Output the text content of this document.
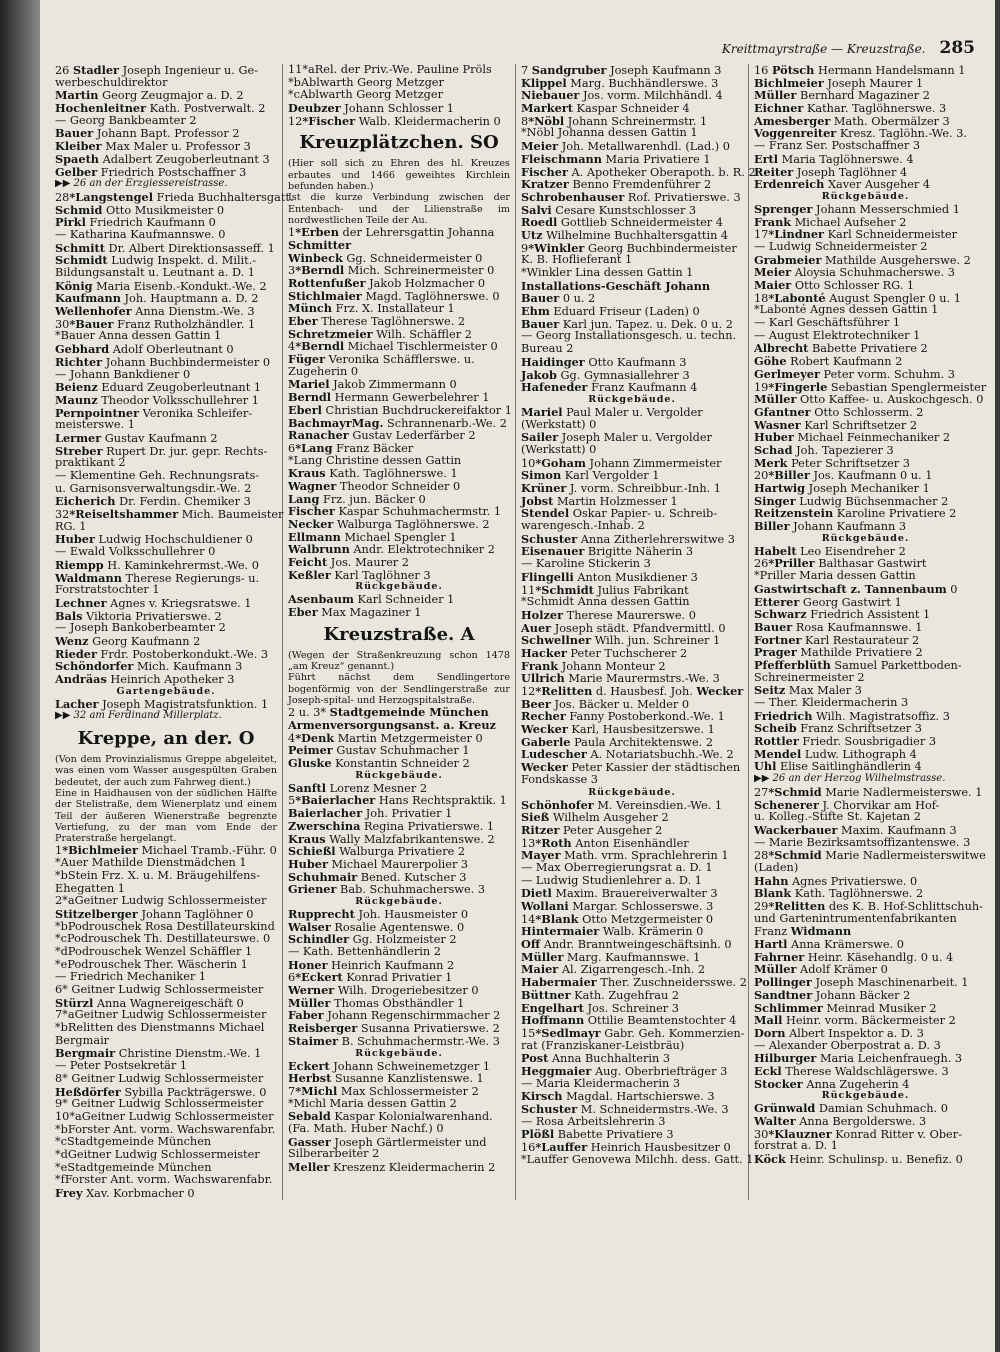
Kreittmayrstraße — Kreuzstraße. 285
26 Stadler Joseph Ingenieur u. Ge-
werbeschuldirektor
Martin Georg Zeugmajor a. D. 2
Hochenleitner Kath. Postverwalt. 2
— Georg Bankbeamter 2
Bauer Johann Bapt. Professor 2
Kleiber Max Maler u. Professor 3
Spaeth Adalbert Zeugoberleutnant 3
Gelber Friedrich Postschaffner 3
▶▶ 26 an der Erzgiessereistrasse.
28*Langstengel Frieda Buchhaltersgatt.
Schmid Otto Musikmeister 0
Pirkl Friedrich Kaufmann 0
— Katharina Kaufmannswe. 0
Schmitt Dr. Albert Direktionsasseff. 1
Schmidt Ludwig Inspekt. d. Milit.-
Bildungsanstalt u. Leutnant a. D. 1
König Maria Eisenb.-Kondukt.-We. 2
Kaufmann Joh. Hauptmann a. D. 2
Wellenhofer Anna Dienstm.-We. 3
30*Bauer Franz Rutholzhändler. 1
*Bauer Anna dessen Gattin 1
Gebhard Adolf Oberleutnant 0
Richter Johann Buchbindermeister 0
— Johann Bankdiener 0
Beienz Eduard Zeugoberleutnant 1
Maunz Theodor Volksschullehrer 1
Pernpointner Veronika Schleifer-
meisterswe. 1
Lermer Gustav Kaufmann 2
Streber Rupert Dr. jur. gepr. Rechts-
praktikant 2
— Klementine Geh. Rechnungsrats-
u. Garnisonsverwaltungsdir.-We. 2
Eicherich Dr. Ferdin. Chemiker 3
32*Reiseltshammer Mich. Baumeister
RG. 1
Huber Ludwig Hochschuldiener 0
— Ewald Volksschullehrer 0
Riempp H. Kaminkehrermst.-We. 0
Waldmann Therese Regierungs- u.
Forstratstochter 1
Lechner Agnes v. Kriegsratswe. 1
Bals Viktoria Privatierswe. 2
— Joseph Bankoberbeamter 2
Wenz Georg Kaufmann 2
Rieder Frdr. Postoberkondukt.-We. 3
Schöndorfer Mich. Kaufmann 3
Andräas Heinrich Apotheker 3
Gartengebäude.
Lacher Joseph Magistratsfunktion. 1
▶▶ 32 am Ferdinand Millerplatz.
Kreppe, an der. O
(Von dem Provinzialismus Greppe abgeleitet, was einen vom Wasser ausgespülten Graben bedeutet, der auch zum Fahrweg dient.)
Eine in Haidhausen von der südlichen Hälfte der Stelistraße, dem Wienerplatz und einem Teil der äußeren Wienerstraße begrenzte Vertiefung, zu der man vom Ende der Praterstraße hergelangt.
1*Bichlmeier Michael Tramb.-Führ. 0
*Auer Mathilde Dienstmädchen 1
*bStein Frz. X. u. M. Bräugehilfens-
Ehegatten 1
2*aGeitner Ludwig Schlossermeister
Stitzelberger Johann Taglöhner 0
*bPodrouschek Rosa Destillateurskind
*cPodrouschek Th. Destillateurswe. 0
*dPodrouschek Wenzel Schäffler 1
*ePodrouschek Ther. Wäscherin 1
— Friedrich Mechaniker 1
6* Geitner Ludwig Schlossermeister
Stürzl Anna Wagnereigeschäft 0
7*aGeitner Ludwig Schlossermeister
*bRelitten des Dienstmanns Michael
Bergmair
Bergmair Christine Dienstm.-We. 1
— Peter Postsekretär 1
8* Geitner Ludwig Schlossermeister
Heßdörfer Sybilla Packträgerswe. 0
9* Geitner Ludwig Schlossermeister
10*aGeitner Ludwig Schlossermeister
*bForster Ant. vorm. Wachswarenfabr.
*cStadtgemeinde München
*dGeitner Ludwig Schlossermeister
*eStadtgemeinde München
*fForster Ant. vorm. Wachswarenfabr.
Frey Xav. Korbmacher 0
11*aRel. der Priv.-We. Pauline Pröls
*bAblwarth Georg Metzger
*cAblwarth Georg Metzger
Deubzer Johann Schlosser 1
12*Fischer Walb. Kleidermacherin 0
Kreuzplätzchen. SO
(Hier soll sich zu Ehren des hl. Kreuzes erbautes und 1466 geweihtes Kirchlein befunden haben.)
Ist die kurze Verbindung zwischen der Entenbach- und der Lilienstraße im nordwestlichen Teile der Au.
1*Erben der Lehrersgattin Johanna
Schmitter
Winbeck Gg. Schneidermeister 0
3*Berndl Mich. Schreinermeister 0
Rottenfußer Jakob Holzmacher 0
Stichlmaier Magd. Taglöhnerswe. 0
Münch Frz. X. Installateur 1
Eber Therese Taglöhnerswe. 2
Schretzmeier Wilh. Schäffler 2
4*Berndl Michael Tischlermeister 0
Füger Veronika Schäfflerswe. u.
Zugeherin 0
Mariel Jakob Zimmermann 0
Berndl Hermann Gewerbelehrer 1
Eberl Christian Buchdruckereifaktor 1
BachmayrMag. Schrannenarb.-We. 2
Ranacher Gustav Lederfärber 2
6*Lang Franz Bäcker
*Lang Christine dessen Gattin
Kraus Kath. Taglöhnerswe. 1
Wagner Theodor Schneider 0
Lang Frz. jun. Bäcker 0
Fischer Kaspar Schuhmachermstr. 1
Necker Walburga Taglöhnerswe. 2
Ellmann Michael Spengler 1
Walbrunn Andr. Elektrotechniker 2
Feicht Jos. Maurer 2
Keßler Karl Taglöhner 3
Rückgebäude.
Asenbaum Karl Schneider 1
Eber Max Magaziner 1
Kreuzstraße. A
(Wegen der Straßenkreuzung schon 1478 „am Kreuz“ genannt.)
Führt nächst dem Sendlingertore bogenförmig von der Sendlingerstraße zur Joseph-spital- und Herzogspitalstraße.
2 u. 3* Stadtgemeinde München
Armenversorgungsanst. a. Kreuz
4*Denk Martin Metzgermeister 0
Peimer Gustav Schuhmacher 1
Gluske Konstantin Schneider 2
Rückgebäude.
Sanftl Lorenz Mesner 2
5*Baierlacher Hans Rechtspraktik. 1
Baierlacher Joh. Privatier 1
Zwerschina Regina Privatierswe. 1
Kraus Wally Malzfabrikantenswe. 2
Schießl Walburga Privatiere 2
Huber Michael Maurerpolier 3
Schuhmair Bened. Kutscher 3
Griener Bab. Schuhmacherswe. 3
Rückgebäude.
Rupprecht Joh. Hausmeister 0
Walser Rosalie Agentenswe. 0
Schindler Gg. Holzmeister 2
— Kath. Bettenhändlerin 2
Honer Heinrich Kaufmann 2
6*Eckert Konrad Privatier 1
Werner Wilh. Drogeriebesitzer 0
Müller Thomas Obsthändler 1
Faber Johann Regenschirmmacher 2
Reisberger Susanna Privatierswe. 2
Staimer B. Schuhmachermstr.-We. 3
Rückgebäude.
Eckert Johann Schweinemetzger 1
Herbst Susanne Kanzlistenswe. 1
7*Michl Max Schlossermeister 2
*Michl Maria dessen Gattin 2
Sebald Kaspar Kolonialwarenhand.
(Fa. Math. Huber Nachf.) 0
Gasser Joseph Gärtlermeister und
Silberarbeiter 2
Meller Kreszenz Kleidermacherin 2
7 Sandgruber Joseph Kaufmann 3
Klippel Marg. Buchhändlerswe. 3
Niebauer Jos. vorm. Milchhändl. 4
Markert Kaspar Schneider 4
8*Nöbl Johann Schreinermstr. 1
*Nöbl Johanna dessen Gattin 1
Meier Joh. Metallwarenhdl. (Lad.) 0
Fleischmann Maria Privatiere 1
Fischer A. Apotheker Oberapoth. b. R. 2
Kratzer Benno Fremdenführer 2
Schrobenhauser Rof. Privatierswe. 3
Salvi Cesare Kunstschlosser 3
Roedl Gottlieb Schneidermeister 4
Utz Wilhelmine Buchhaltersgattin 4
9*Winkler Georg Buchbindermeister
K. B. Hoflieferant 1
*Winkler Lina dessen Gattin 1
Installations-Geschäft Johann
Bauer 0 u. 2
Ehm Eduard Friseur (Laden) 0
Bauer Karl jun. Tapez. u. Dek. 0 u. 2
— Georg Installationsgesch. u. techn.
Bureau 2
Haidinger Otto Kaufmann 3
Jakob Gg. Gymnasiallehrer 3
Hafeneder Franz Kaufmann 4
Rückgebäude.
Mariel Paul Maler u. Vergolder
(Werkstatt) 0
Sailer Joseph Maler u. Vergolder
(Werkstatt) 0
10*Goham Johann Zimmermeister
Simon Karl Vergolder 1
Krüner J. vorm. Schreibbur.-Inh. 1
Jobst Martin Holzmesser 1
Stendel Oskar Papier- u. Schreib-
warengesch.-Inhab. 2
Schuster Anna Zitherlehrerswitwe 3
Eisenauer Brigitte Näherin 3
— Karoline Stickerin 3
Flingelli Anton Musikdiener 3
11*Schmidt Julius Fabrikant
*Schmidt Anna dessen Gattin
Holzer Therese Maurerswe. 0
Auer Joseph städt. Pfandvermittl. 0
Schwellner Wilh. jun. Schreiner 1
Hacker Peter Tuchscherer 2
Frank Johann Monteur 2
Ullrich Marie Maurermstrs.-We. 3
12*Relitten d. Hausbesf. Joh. Wecker
Beer Jos. Bäcker u. Melder 0
Recher Fanny Postoberkond.-We. 1
Wecker Karl, Hausbesitzerswe. 1
Gaberle Paula Architektenswe. 2
Ludescher A. Notariatsbuchh.-We. 2
Wecker Peter Kassier der städtischen
Fondskasse 3
Rückgebäude.
Schönhofer M. Vereinsdien.-We. 1
Sieß Wilhelm Ausgeher 2
Ritzer Peter Ausgeher 2
13*Roth Anton Eisenhändler
Mayer Math. vrm. Sprachlehrerin 1
— Max Oberregierungsrat a. D. 1
— Ludwig Studienlehrer a. D. 1
Dietl Maxim. Brauereiverwalter 3
Wollani Margar. Schlosserswe. 3
14*Blank Otto Metzgermeister 0
Hintermaier Walb. Krämerin 0
Off Andr. Branntweingeschäftsinh. 0
Müller Marg. Kaufmannswe. 1
Maier Al. Zigarrengesch.-Inh. 2
Habermaier Ther. Zuschneidersswe. 2
Büttner Kath. Zugehfrau 2
Engelhart Jos. Schreiner 3
Hoffmann Ottilie Beamtenstochter 4
15*Sedlmayr Gabr. Geh. Kommerzien-
rat (Franziskaner-Leistbräu)
Post Anna Buchhalterin 3
Heggmaier Aug. Oberbriefträger 3
— Maria Kleidermacherin 3
Kirsch Magdal. Hartschierswe. 3
Schuster M. Schneidermstrs.-We. 3
— Rosa Arbeitslehrerin 3
Plößl Babette Privatiere 3
16*Lauffer Heinrich Hausbesitzer 0
*Lauffer Genovewa Milchh. dess. Gatt. 1
16 Pötsch Hermann Handelsmann 1
Bichlmeier Joseph Maurer 1
Müller Bernhard Magaziner 2
Eichner Kathar. Taglöhnerswe. 3
Amesberger Math. Obermälzer 3
Voggenreiter Kresz. Taglöhn.-We. 3.
— Franz Ser. Postschaffner 3
Ertl Maria Taglöhnerswe. 4
Reiter Joseph Taglöhner 4
Erdenreich Xaver Ausgeher 4
Rückgebäude.
Sprenger Johann Messerschmied 1
Frank Michael Aufseher 2
17*Lindner Karl Schneidermeister
— Ludwig Schneidermeister 2
Grabmeier Mathilde Ausgeherswe. 2
Meier Aloysia Schuhmacherswe. 3
Maier Otto Schlosser RG. 1
18*Labonté August Spengler 0 u. 1
*Labonté Agnes dessen Gattin 1
— Karl Geschäftsführer 1
— August Elektrotechniker 1
Albrecht Babette Privatiere 2
Göhe Robert Kaufmann 2
Gerlmeyer Peter vorm. Schuhm. 3
19*Fingerle Sebastian Spenglermeister
Müller Otto Kaffee- u. Auskochgesch. 0
Gfantner Otto Schlosserm. 2
Wasner Karl Schriftsetzer 2
Huber Michael Feinmechaniker 2
Schad Joh. Tapezierer 3
Merk Peter Schriftsetzer 3
20*Biller Jos. Kaufmann 0 u. 1
Hartwig Joseph Mechaniker 1
Singer Ludwig Büchsenmacher 2
Reitzenstein Karoline Privatiere 2
Biller Johann Kaufmann 3
Rückgebäude.
Habelt Leo Eisendreher 2
26*Priller Balthasar Gastwirt
*Priller Maria dessen Gattin
Gastwirtschaft z. Tannenbaum 0
Etterer Georg Gastwirt 1
Schwarz Friedrich Assistent 1
Bauer Rosa Kaufmannswe. 1
Fortner Karl Restaurateur 2
Prager Mathilde Privatiere 2
Pfefferblüth Samuel Parkettboden-
Schreinermeister 2
Seitz Max Maler 3
— Ther. Kleidermacherin 3
Friedrich Wilh. Magistratsoffiz. 3
Scheib Franz Schriftsetzer 3
Rottler Friedr. Sousbrigadier 3
Mendel Ludw. Lithograph 4
Uhl Elise Saitlinghändlerin 4
▶▶ 26 an der Herzog Wilhelmstrasse.
27*Schmid Marie Nadlermeisterswe. 1
Schenerer J. Chorvikar am Hof-
u. Kolleg.-Stifte St. Kajetan 2
Wackerbauer Maxim. Kaufmann 3
— Marie Bezirksamtsoffizantenswe. 3
28*Schmid Marie Nadlermeisterswitwe
(Laden)
Hahn Agnes Privatierswe. 0
Blank Kath. Taglöhnerswe. 2
29*Relitten des K. B. Hof-Schlittschuh-
und Gartenintrumentenfabrikanten
Franz Widmann
Hartl Anna Krämerswe. 0
Fahrner Heinr. Käsehandlg. 0 u. 4
Müller Adolf Krämer 0
Pollinger Joseph Maschinenarbeit. 1
Sandtner Johann Bäcker 2
Schlimmer Meinrad Musiker 2
Mall Heinr. vorm. Bäckermeister 2
Dorn Albert Inspektor a. D. 3
— Alexander Oberpostrat a. D. 3
Hilburger Maria Leichenfrauegh. 3
Eckl Therese Waldschlägerswe. 3
Stocker Anna Zugeherin 4
Rückgebäude.
Grünwald Damian Schuhmach. 0
Walter Anna Bergolderswe. 3
30*Klauzner Konrad Ritter v. Ober-
forstrat a. D. 1
Köck Heinr. Schulinsp. u. Benefiz. 0
